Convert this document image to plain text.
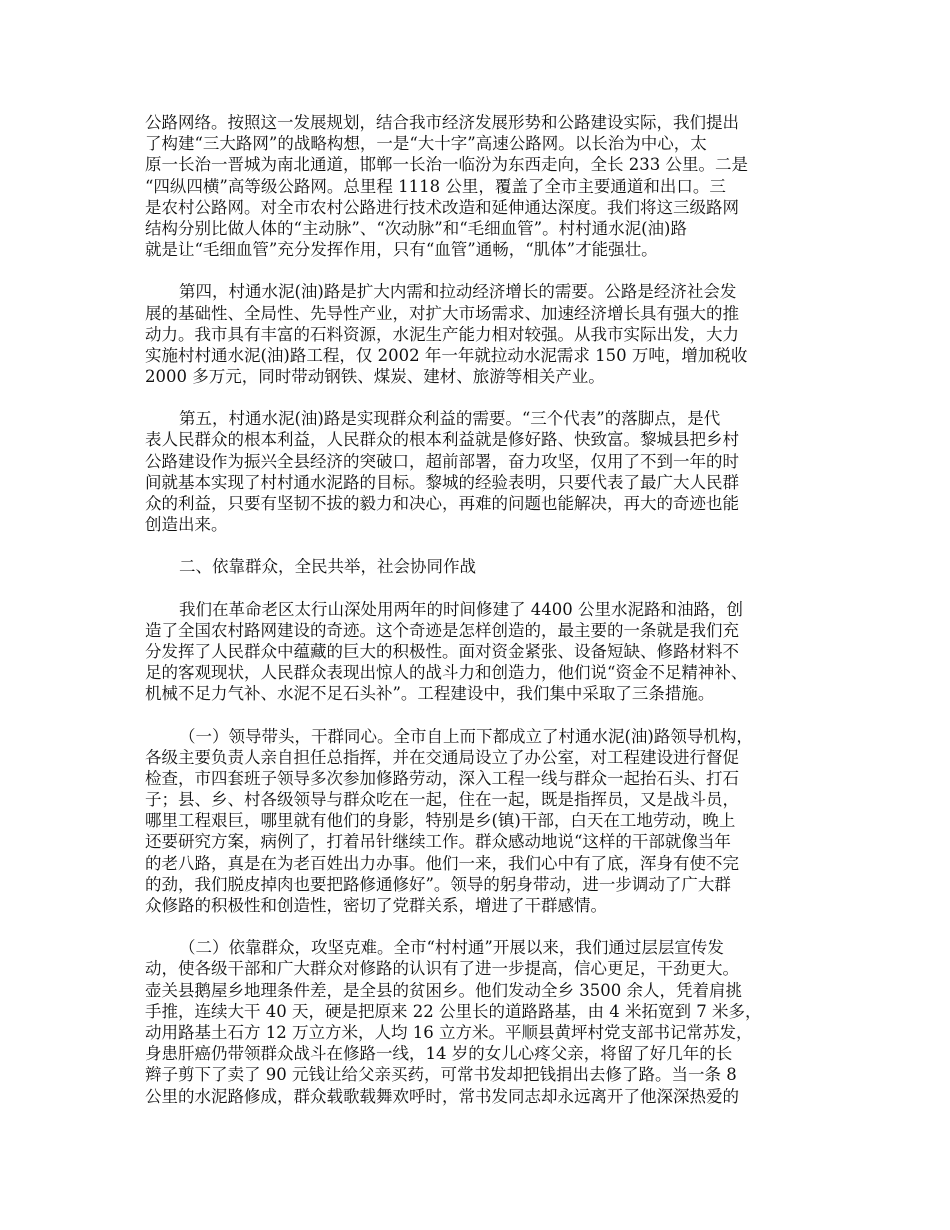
公路网络。按照这一发展规划，结合我市经济发展形势和公路建设实际，我们提出
了构建“三大路网”的战略构想，一是“大十字”高速公路网。以长治为中心，太
原一长治一晋城为南北通道，邯郸一长治一临汾为东西走向，全长 233 公里。二是
“四纵四横”高等级公路网。总里程 1118 公里，覆盖了全市主要通道和出口。三
是农村公路网。对全市农村公路进行技术改造和延伸通达深度。我们将这三级路网
结构分别比做人体的“主动脉”、“次动脉”和“毛细血管”。村村通水泥(油)路
就是让“毛细血管”充分发挥作用，只有“血管”通畅，“肌体”才能强壮。
第四，村通水泥(油)路是扩大内需和拉动经济增长的需要。公路是经济社会发
展的基础性、全局性、先导性产业，对扩大市场需求、加速经济增长具有强大的推
动力。我市具有丰富的石料资源，水泥生产能力相对较强。从我市实际出发，大力
实施村村通水泥(油)路工程，仅 2002 年一年就拉动水泥需求 150 万吨，增加税收
2000 多万元，同时带动钢铁、煤炭、建材、旅游等相关产业。
第五，村通水泥(油)路是实现群众利益的需要。“三个代表”的落脚点，是代
表人民群众的根本利益，人民群众的根本利益就是修好路、快致富。黎城县把乡村
公路建设作为振兴全县经济的突破口，超前部署，奋力攻坚，仅用了不到一年的时
间就基本实现了村村通水泥路的目标。黎城的经验表明，只要代表了最广大人民群
众的利益，只要有坚韧不拔的毅力和决心，再难的问题也能解决，再大的奇迹也能
创造出来。
二、依靠群众，全民共举，社会协同作战
我们在革命老区太行山深处用两年的时间修建了 4400 公里水泥路和油路，创
造了全国农村路网建设的奇迹。这个奇迹是怎样创造的，最主要的一条就是我们充
分发挥了人民群众中蕴藏的巨大的积极性。面对资金紧张、设备短缺、修路材料不
足的客观现状，人民群众表现出惊人的战斗力和创造力，他们说“资金不足精神补、
机械不足力气补、水泥不足石头补”。工程建设中，我们集中采取了三条措施。
（一）领导带头，干群同心。全市自上而下都成立了村通水泥(油)路领导机构，
各级主要负责人亲自担任总指挥，并在交通局设立了办公室，对工程建设进行督促
检查，市四套班子领导多次参加修路劳动，深入工程一线与群众一起抬石头、打石
子；县、乡、村各级领导与群众吃在一起，住在一起，既是指挥员，又是战斗员，
哪里工程艰巨，哪里就有他们的身影，特别是乡(镇)干部，白天在工地劳动，晚上
还要研究方案，病例了，打着吊针继续工作。群众感动地说“这样的干部就像当年
的老八路，真是在为老百姓出力办事。他们一来，我们心中有了底，浑身有使不完
的劲，我们脱皮掉肉也要把路修通修好”。领导的躬身带动，进一步调动了广大群
众修路的积极性和创造性，密切了党群关系，增进了干群感情。
（二）依靠群众，攻坚克难。全市“村村通”开展以来，我们通过层层宣传发
动，使各级干部和广大群众对修路的认识有了进一步提高，信心更足，干劲更大。
壶关县鹅屋乡地理条件差，是全县的贫困乡。他们发动全乡 3500 余人，凭着肩挑
手推，连续大干 40 天，硬是把原来 22 公里长的道路路基，由 4 米拓宽到 7 米多，
动用路基土石方 12 万立方米，人均 16 立方米。平顺县黄坪村党支部书记常苏发，
身患肝癌仍带领群众战斗在修路一线，14 岁的女儿心疼父亲，将留了好几年的长
辫子剪下了卖了 90 元钱让给父亲买药，可常书发却把钱捐出去修了路。当一条 8
公里的水泥路修成，群众载歌载舞欢呼时，常书发同志却永远离开了他深深热爱的
